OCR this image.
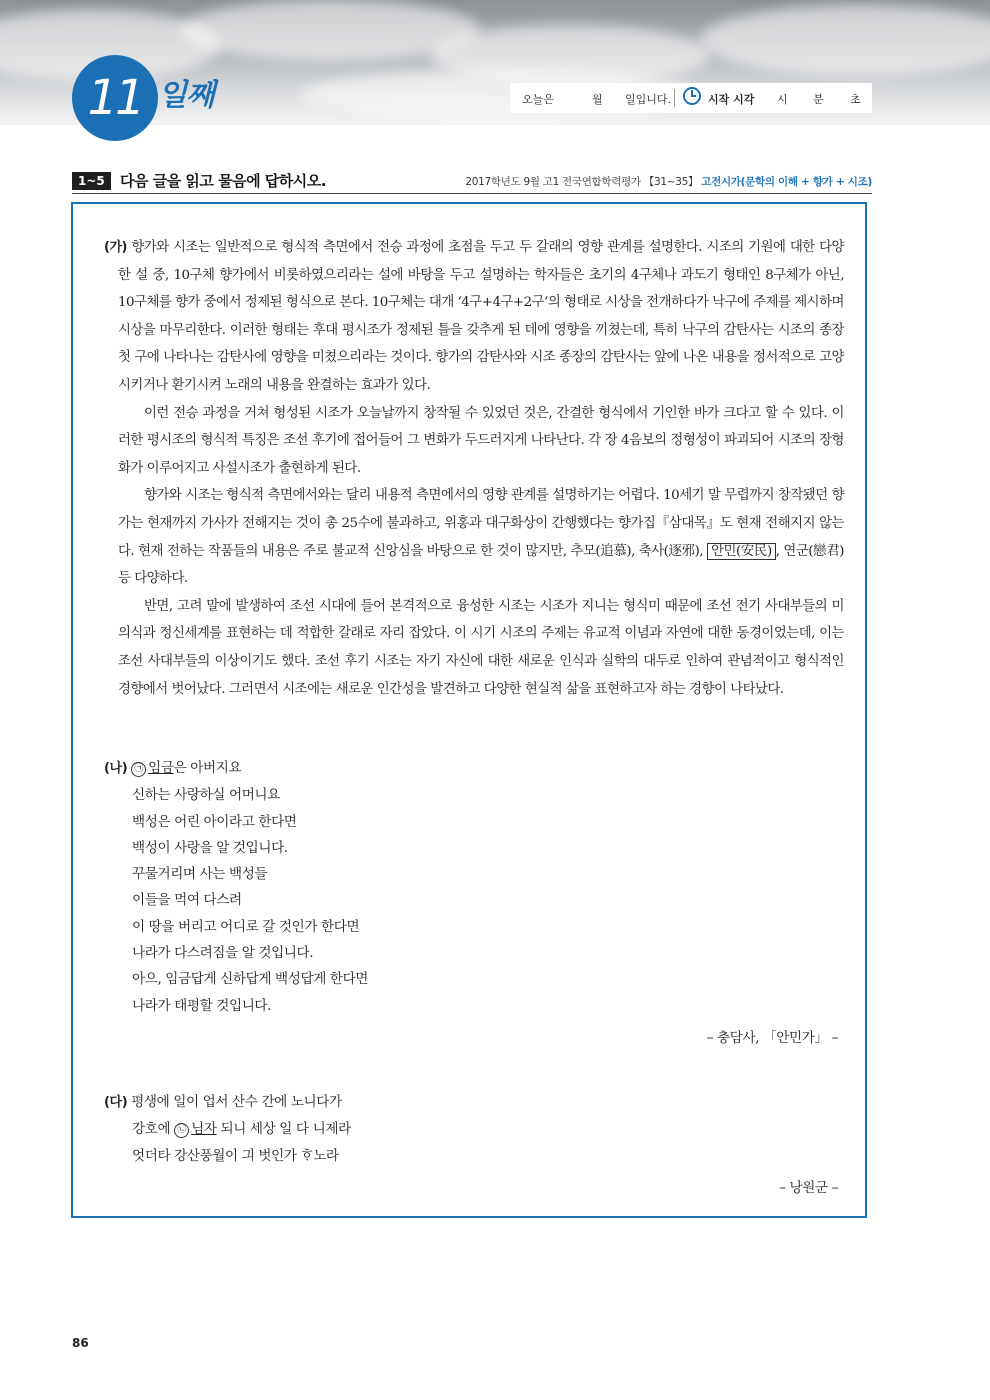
11 일째	오늘은	월 일입니다.	시작 시각 시 분 초
1~5	다음 글을 읽고 물음에 답하시오.	2017학년도 9월 고1 전국연합학력평가 【31~35】 고전시가(문학의 이해 + 향가 + 시조)

(가) 향가와 시조는 일반적으로 형식적 측면에서 전승 과정에 초점을 두고 두 갈래의 영향 관계를 설명한다. 시조의 기원에 대한 다양한 설 중, 10구체 향가에서 비롯하였으리라는 설에 바탕을 두고 설명하는 학자들은 초기의 4구체나 과도기 형태인 8구체가 아닌, 10구체를 향가 중에서 정제된 형식으로 본다. 10구체는 대개 ‘4구+4구+2구’의 형태로 시상을 전개하다가 낙구에 주제를 제시하며 시상을 마무리한다. 이러한 형태는 후대 평시조가 정제된 틀을 갖추게 된 데에 영향을 끼쳤는데, 특히 낙구의 감탄사는 시조의 종장 첫 구에 나타나는 감탄사에 영향을 미쳤으리라는 것이다. 향가의 감탄사와 시조 종장의 감탄사는 앞에 나온 내용을 정서적으로 고양시키거나 환기시켜 노래의 내용을 완결하는 효과가 있다.

이런 전승 과정을 거쳐 형성된 시조가 오늘날까지 창작될 수 있었던 것은, 간결한 형식에서 기인한 바가 크다고 할 수 있다. 이러한 평시조의 형식적 특징은 조선 후기에 접어들어 그 변화가 두드러지게 나타난다. 각 장 4음보의 정형성이 파괴되어 시조의 장형화가 이루어지고 사설시조가 출현하게 된다.

향가와 시조는 형식적 측면에서와는 달리 내용적 측면에서의 영향 관계를 설명하기는 어렵다. 10세기 말 무렵까지 창작됐던 향가는 현재까지 가사가 전해지는 것이 총 25수에 불과하고, 위홍과 대구화상이 간행했다는 향가집『삼대목』도 현재 전해지지 않는다. 현재 전하는 작품들의 내용은 주로 불교적 신앙심을 바탕으로 한 것이 많지만, 추모(追慕), 축사(逐邪), 안민(安民) , 연군(戀君) 등 다양하다.

반면, 고려 말에 발생하여 조선 시대에 들어 본격적으로 융성한 시조는 시조가 지니는 형식미 때문에 조선 전기 사대부들의 미의식과 정신세계를 표현하는 데 적합한 갈래로 자리 잡았다. 이 시기 시조의 주제는 유교적 이념과 자연에 대한 동경이었는데, 이는 조선 사대부들의 이상이기도 했다. 조선 후기 시조는 자기 자신에 대한 새로운 인식과 실학의 대두로 인하여 관념적이고 형식적인 경향에서 벗어났다. 그러면서 시조에는 새로운 인간성을 발견하고 다양한 현실적 삶을 표현하고자 하는 경향이 나타났다.

(나) ㉠ 임금은 아버지요
신하는 사랑하실 어머니요
백성은 어린 아이라고 한다면
백성이 사랑을 알 것입니다.
꾸물거리며 사는 백성들
이들을 먹여 다스려
이 땅을 버리고 어디로 갈 것인가 한다면
나라가 다스려짐을 알 것입니다.
아으, 임금답게 신하답게 백성답게 한다면
나라가 태평할 것입니다.
– 충담사, 「안민가」 –
(다) 평생에 일이 업서 산수 간에 노니다가
강호에 ㉡ 님자 되니 세상 일 다 니제라
엇더타 강산풍월이 긔 벗인가 ᄒᆞ노라
– 낭원군 –
86
